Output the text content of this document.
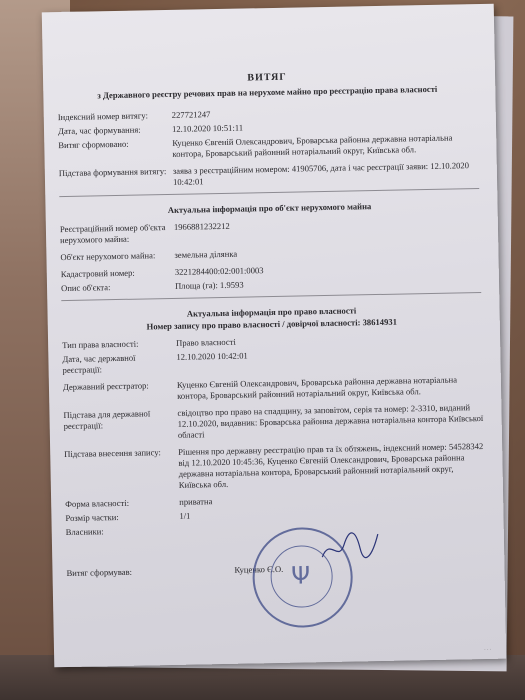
ВИТЯГ
з Державного реєстру речових прав на нерухоме майно про реєстрацію права власності
Індексний номер витягу:	227721247
Дата, час формування:	12.10.2020 10:51:11
Витяг сформовано:	Куценко Євгеній Олександрович, Броварська районна державна нотаріальна контора, Броварський районний нотаріальний округ, Київська обл.
Підстава формування витягу: заява з реєстраційним номером: 41905706, дата і час реєстрації заяви: 12.10.2020 10:42:01
Актуальна інформація про об'єкт нерухомого майна
Реєстраційний номер об'єкта нерухомого майна:
1966881232212
Об'єкт нерухомого майна:	земельна ділянка
Кадастровий номер:	3221284400:02:001:0003
Опис об'єкта:	Площа (га): 1.9593
Актуальна інформація про право власності
Номер запису про право власності / довірчої власності: 38614931
Тип права власності:	Право власності
Дата, час державної реєстрації:
12.10.2020 10:42:01
Державний реєстратор:	Куценко Євгеній Олександрович, Броварська районна державна нотаріальна контора, Броварський районний нотаріальний округ, Київська обл.
Підстава для державної реєстрації:
свідоцтво про право на спадщину, за заповітом, серія та номер: 2-3310, виданий 12.10.2020, видавник: Броварська районна державна нотаріальна контора Київської області
Підстава внесення запису:	Рішення про державну реєстрацію прав та їх обтяжень, індексний номер: 54528342 від 12.10.2020 10:45:36, Куценко Євгеній Олександрович, Броварська районна державна нотаріальна контора, Броварський районний нотаріальний округ, Київська обл.
Форма власності:	приватна
Розмір частки:	1/1
Власники:
Витяг сформував:	Куценко Є.О. Ψ
· · ·
